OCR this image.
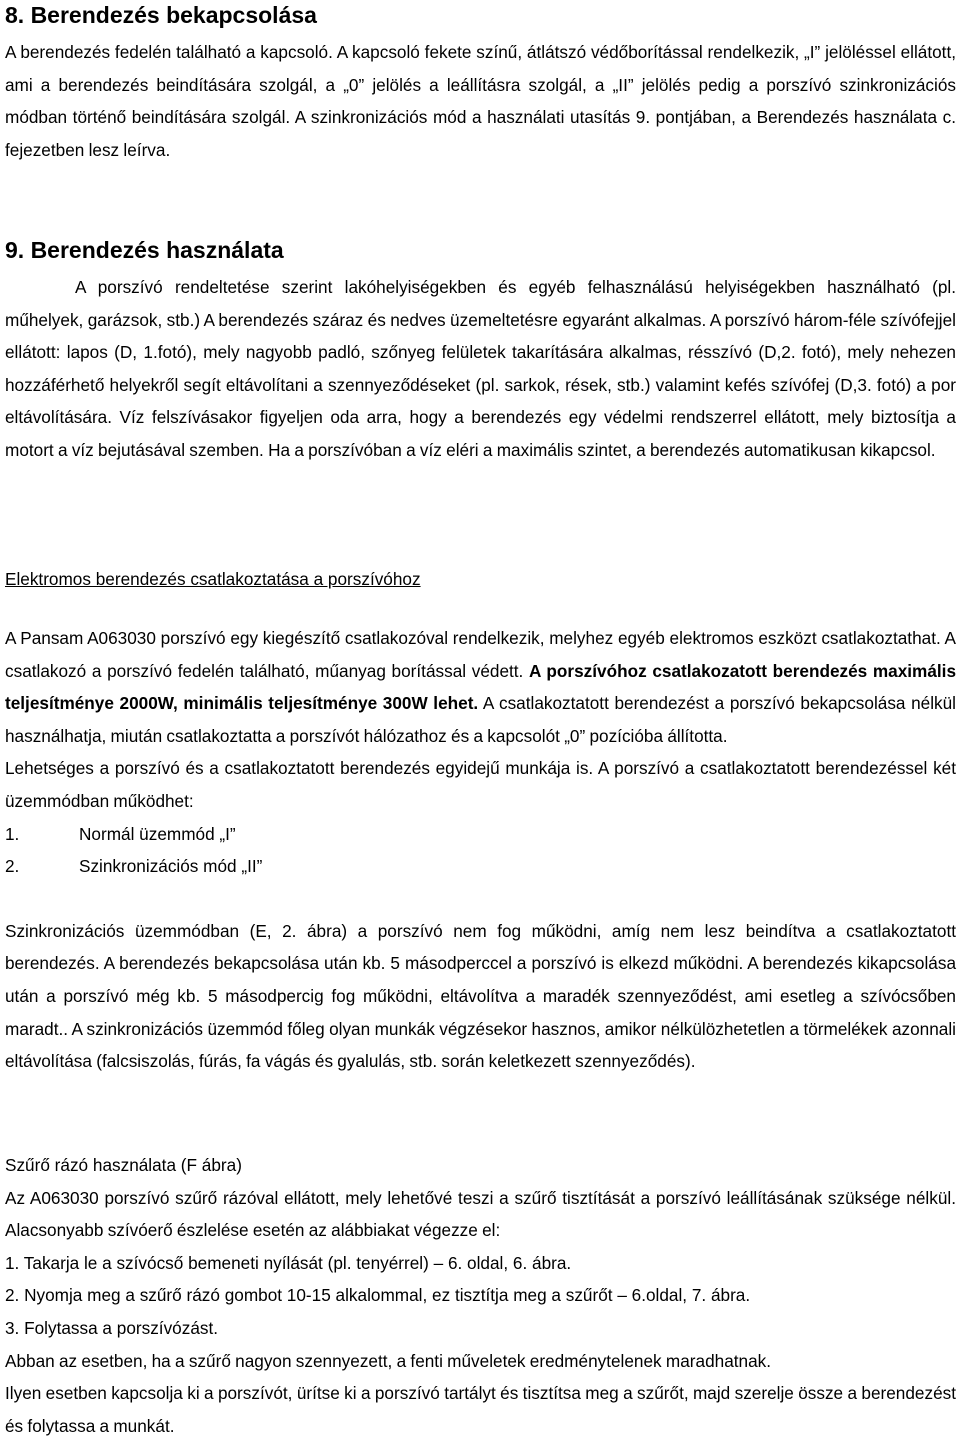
8. Berendezés bekapcsolása

A berendezés fedelén található a kapcsoló. A kapcsoló fekete színű, átlátszó védőborítással rendelkezik, „I” jelöléssel ellátott, ami a berendezés beindítására szolgál, a „0” jelölés a leállításra szolgál, a „II” jelölés pedig a porszívó szinkronizációs módban történő beindítására szolgál. A szinkronizációs mód a használati utasítás 9. pontjában, a Berendezés használata c. fejezetben lesz leírva.

9. Berendezés használata

A porszívó rendeltetése szerint lakóhelyiségekben és egyéb felhasználású helyiségekben használható (pl. műhelyek, garázsok, stb.) A berendezés száraz és nedves üzemeltetésre egyaránt alkalmas. A porszívó három-féle szívófejjel ellátott: lapos (D, 1.fotó), mely nagyobb padló, szőnyeg felületek takarítására alkalmas, résszívó (D,2. fotó), mely nehezen hozzáférhető helyekről segít eltávolítani a szennyeződéseket (pl. sarkok, rések, stb.) valamint kefés szívófej (D,3. fotó) a por eltávolítására. Víz felszívásakor figyeljen oda arra, hogy a berendezés egy védelmi rendszerrel ellátott, mely biztosítja a motort a víz bejutásával szemben. Ha a porszívóban a víz eléri a maximális szintet, a berendezés automatikusan kikapcsol.

Elektromos berendezés csatlakoztatása a porszívóhoz

A Pansam A063030 porszívó egy kiegészítő csatlakozóval rendelkezik, melyhez egyéb elektromos eszközt csatlakoztathat. A csatlakozó a porszívó fedelén található, műanyag borítással védett. A porszívóhoz csatlakozatott berendezés maximális teljesítménye 2000W, minimális teljesítménye 300W lehet. A csatlakoztatott berendezést a porszívó bekapcsolása nélkül használhatja, miután csatlakoztatta a porszívót hálózathoz és a kapcsolót „0” pozícióba állította.

Lehetséges a porszívó és a csatlakoztatott berendezés egyidejű munkája is. A porszívó a csatlakoztatott berendezéssel két üzemmódban működhet:

1.	Normál üzemmód „I”

2.	Szinkronizációs mód „II”

Szinkronizációs üzemmódban (E, 2. ábra) a porszívó nem fog működni, amíg nem lesz beindítva a csatlakoztatott berendezés. A berendezés bekapcsolása után kb. 5 másodperccel a porszívó is elkezd működni. A berendezés kikapcsolása után a porszívó még kb. 5 másodpercig fog működni, eltávolítva a maradék szennyeződést, ami esetleg a szívócsőben maradt.. A szinkronizációs üzemmód főleg olyan munkák végzésekor hasznos, amikor nélkülözhetetlen a törmelékek azonnali eltávolítása (falcsiszolás, fúrás, fa vágás és gyalulás, stb. során keletkezett szennyeződés).

Szűrő rázó használata (F ábra)

Az A063030 porszívó szűrő rázóval ellátott, mely lehetővé teszi a szűrő tisztítását a porszívó leállításának szüksége nélkül. Alacsonyabb szívóerő észlelése esetén az alábbiakat végezze el:

1. Takarja le a szívócső bemeneti nyílását (pl. tenyérrel) – 6. oldal, 6. ábra.

2. Nyomja meg a szűrő rázó gombot 10-15 alkalommal, ez tisztítja meg a szűrőt – 6.oldal, 7. ábra.

3. Folytassa a porszívózást.

Abban az esetben, ha a szűrő nagyon szennyezett, a fenti műveletek eredménytelenek maradhatnak.

Ilyen esetben kapcsolja ki a porszívót, ürítse ki a porszívó tartályt és tisztítsa meg a szűrőt, majd szerelje össze a berendezést és folytassa a munkát.
